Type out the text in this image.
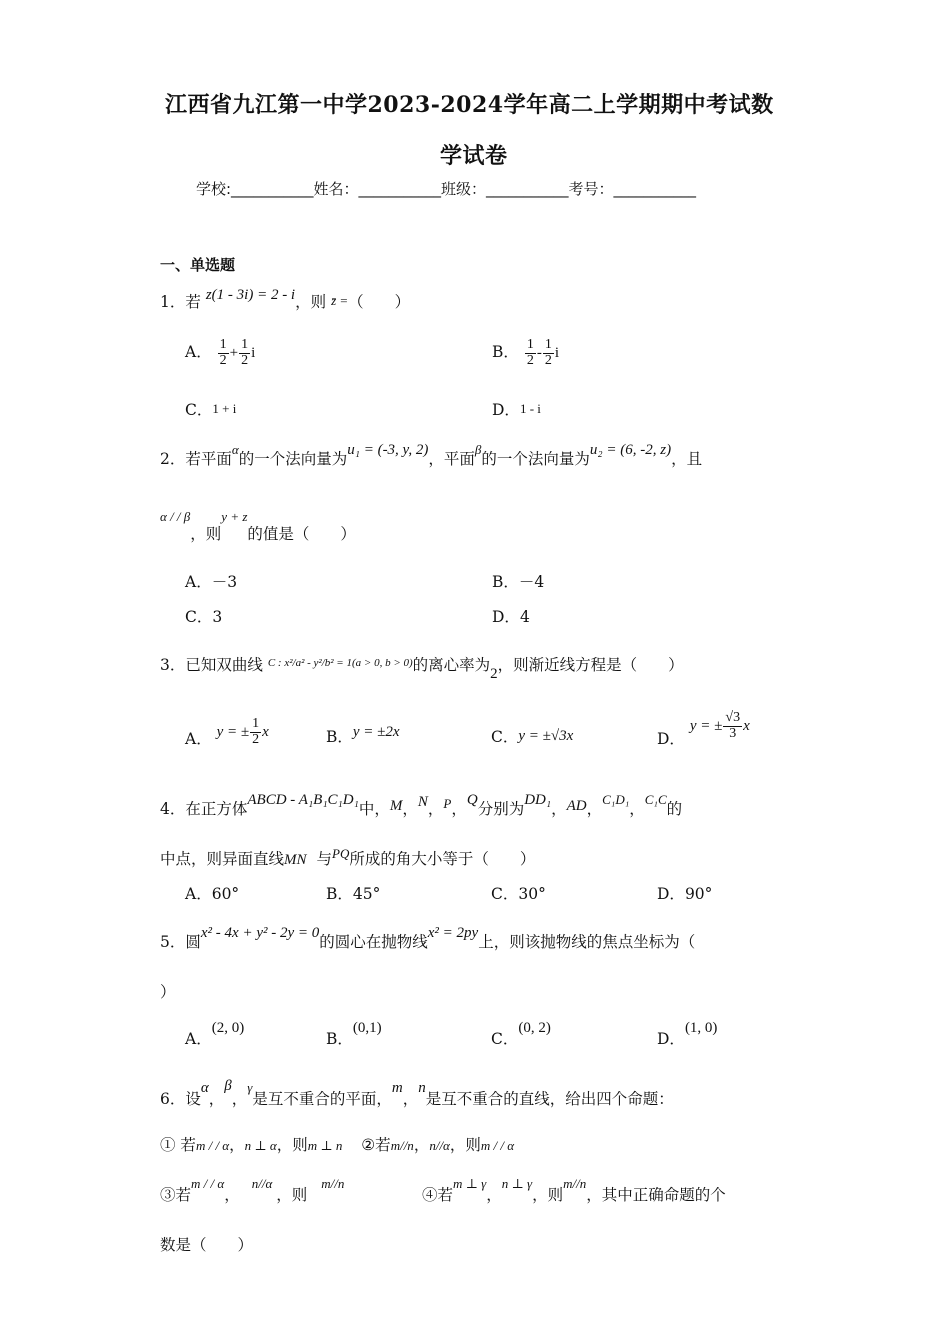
江西省九江第一中学2023-2024学年高二上学期期中考试数
学试卷
学校:___________姓名：___________班级：___________考号：___________
一、单选题
1．若 z(1 - 3i) = 2 - i，则 z̄ =（　　）
A． $\frac{1}{2} + \frac{1}{2}$ i	B． $\frac{1}{2} - \frac{1}{2}$ i
C．1 + i	D．1 - i
2．若平面$^\alpha$的一个法向量为u₁ = (-3, y, 2)，平面$^\beta$的一个法向量为u₂ = (6, -2, z)，且
$^{\alpha / / \beta}$，则$^{y + z}$的值是（　　）
A．－3	B．－4
C．3	D．4
3．已知双曲线 $^{C : x^2/a^2 - y^2/b^2 = 1(a > 0, b > 0)}$的离心率为2，则渐近线方程是（　　）
A． y = ± $\frac{1}{2}$ x	B．y = ±2x	C．y = ±√3x	D． y = ± $\frac{√3}{3}$ x
4．在正方体ABCD - A₁B₁C₁D₁中，M，N，$^P$，Q分别为DD₁，AD，$^{C_1D_1}$，$^{C_1C}$的
中点，则异面直线MN 与$^{PQ}$所成的角大小等于（　　）
A．60°	B．45°	C．30°	D．90°
5．圆x² - 4x + y² - 2y = 0的圆心在抛物线x² = 2py上，则该抛物线的焦点坐标为（
）
A．(2, 0)
B．(0,1)
C．(0, 2)
D．(1, 0)
6．设α，β，$^\gamma$是互不重合的平面，m，n是互不重合的直线，给出四个命题：
① 若m / / α，n ⊥ α，则m ⊥ n ②若m//n，n//α，则m / / α
③若$^{m / / \alpha}$，$^{n//\alpha}$，则$^{m//n}$
④若$^{m \perp \gamma}$，$^{n \perp \gamma}$，则$^{m//n}$，其中正确命题的个
数是（　　）
